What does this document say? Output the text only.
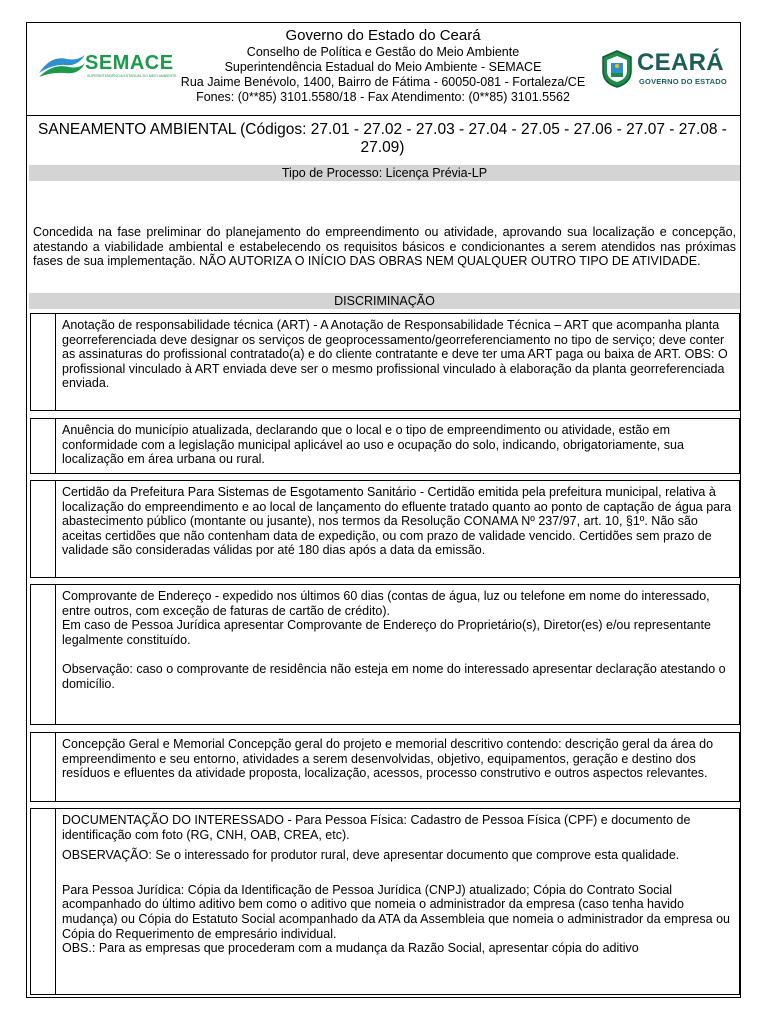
SEMACE
SUPERINTENDÊNCIA ESTADUAL DO MEIO AMBIENTE
Governo do Estado do Ceará
Conselho de Política e Gestão do Meio Ambiente
Superintendência Estadual do Meio Ambiente - SEMACE
Rua Jaime Benévolo, 1400, Bairro de Fátima - 60050-081 - Fortaleza/CE
Fones: (0**85) 3101.5580/18 - Fax Atendimento: (0**85) 3101.5562
CEARÁ
GOVERNO DO ESTADO
SANEAMENTO AMBIENTAL (Códigos: 27.01 - 27.02 - 27.03 - 27.04 - 27.05 - 27.06 - 27.07 - 27.08 - 27.09)
Tipo de Processo: Licença Prévia-LP
Concedida na fase preliminar do planejamento do empreendimento ou atividade, aprovando sua localização e concepção, atestando a viabilidade ambiental e estabelecendo os requisitos básicos e condicionantes a serem atendidos nas próximas fases de sua implementação. NÃO AUTORIZA O INÍCIO DAS OBRAS NEM QUALQUER OUTRO TIPO DE ATIVIDADE.
DISCRIMINAÇÃO

Anotação de responsabilidade técnica (ART) - A Anotação de Responsabilidade Técnica – ART que acompanha planta georreferenciada deve designar os serviços de geoprocessamento/georreferenciamento no tipo de serviço; deve conter as assinaturas do profissional contratado(a) e do cliente contratante e deve ter uma ART paga ou baixa de ART. OBS: O profissional vinculado à ART enviada deve ser o mesmo profissional vinculado à elaboração da planta georreferenciada enviada.

Anuência do município atualizada, declarando que o local e o tipo de empreendimento ou atividade, estão em conformidade com a legislação municipal aplicável ao uso e ocupação do solo, indicando, obrigatoriamente, sua localização em área urbana ou rural.

Certidão da Prefeitura Para Sistemas de Esgotamento Sanitário - Certidão emitida pela prefeitura municipal, relativa à localização do empreendimento e ao local de lançamento do efluente tratado quanto ao ponto de captação de água para abastecimento público (montante ou jusante), nos termos da Resolução CONAMA Nº 237/97, art. 10, §1º. Não são aceitas certidões que não contenham data de expedição, ou com prazo de validade vencido. Certidões sem prazo de validade são consideradas válidas por até 180 dias após a data da emissão.

Comprovante de Endereço - expedido nos últimos 60 dias (contas de água, luz ou telefone em nome do interessado, entre outros, com exceção de faturas de cartão de crédito).

Em caso de Pessoa Jurídica apresentar Comprovante de Endereço do Proprietário(s), Diretor(es) e/ou representante legalmente constituído.

Observação: caso o comprovante de residência não esteja em nome do interessado apresentar declaração atestando o domicílio.

Concepção Geral e Memorial Concepção geral do projeto e memorial descritivo contendo: descrição geral da área do empreendimento e seu entorno, atividades a serem desenvolvidas, objetivo, equipamentos, geração e destino dos resíduos e efluentes da atividade proposta, localização, acessos, processo construtivo e outros aspectos relevantes.

DOCUMENTAÇÃO DO INTERESSADO - Para Pessoa Física: Cadastro de Pessoa Física (CPF) e documento de identificação com foto (RG, CNH, OAB, CREA, etc).

OBSERVAÇÃO: Se o interessado for produtor rural, deve apresentar documento que comprove esta qualidade.

Para Pessoa Jurídica: Cópia da Identificação de Pessoa Jurídica (CNPJ) atualizado; Cópia do Contrato Social acompanhado do último aditivo bem como o aditivo que nomeia o administrador da empresa (caso tenha havido mudança) ou Cópia do Estatuto Social acompanhado da ATA da Assembleia que nomeia o administrador da empresa ou Cópia do Requerimento de empresário individual.

OBS.: Para as empresas que procederam com a mudança da Razão Social, apresentar cópia do aditivo
